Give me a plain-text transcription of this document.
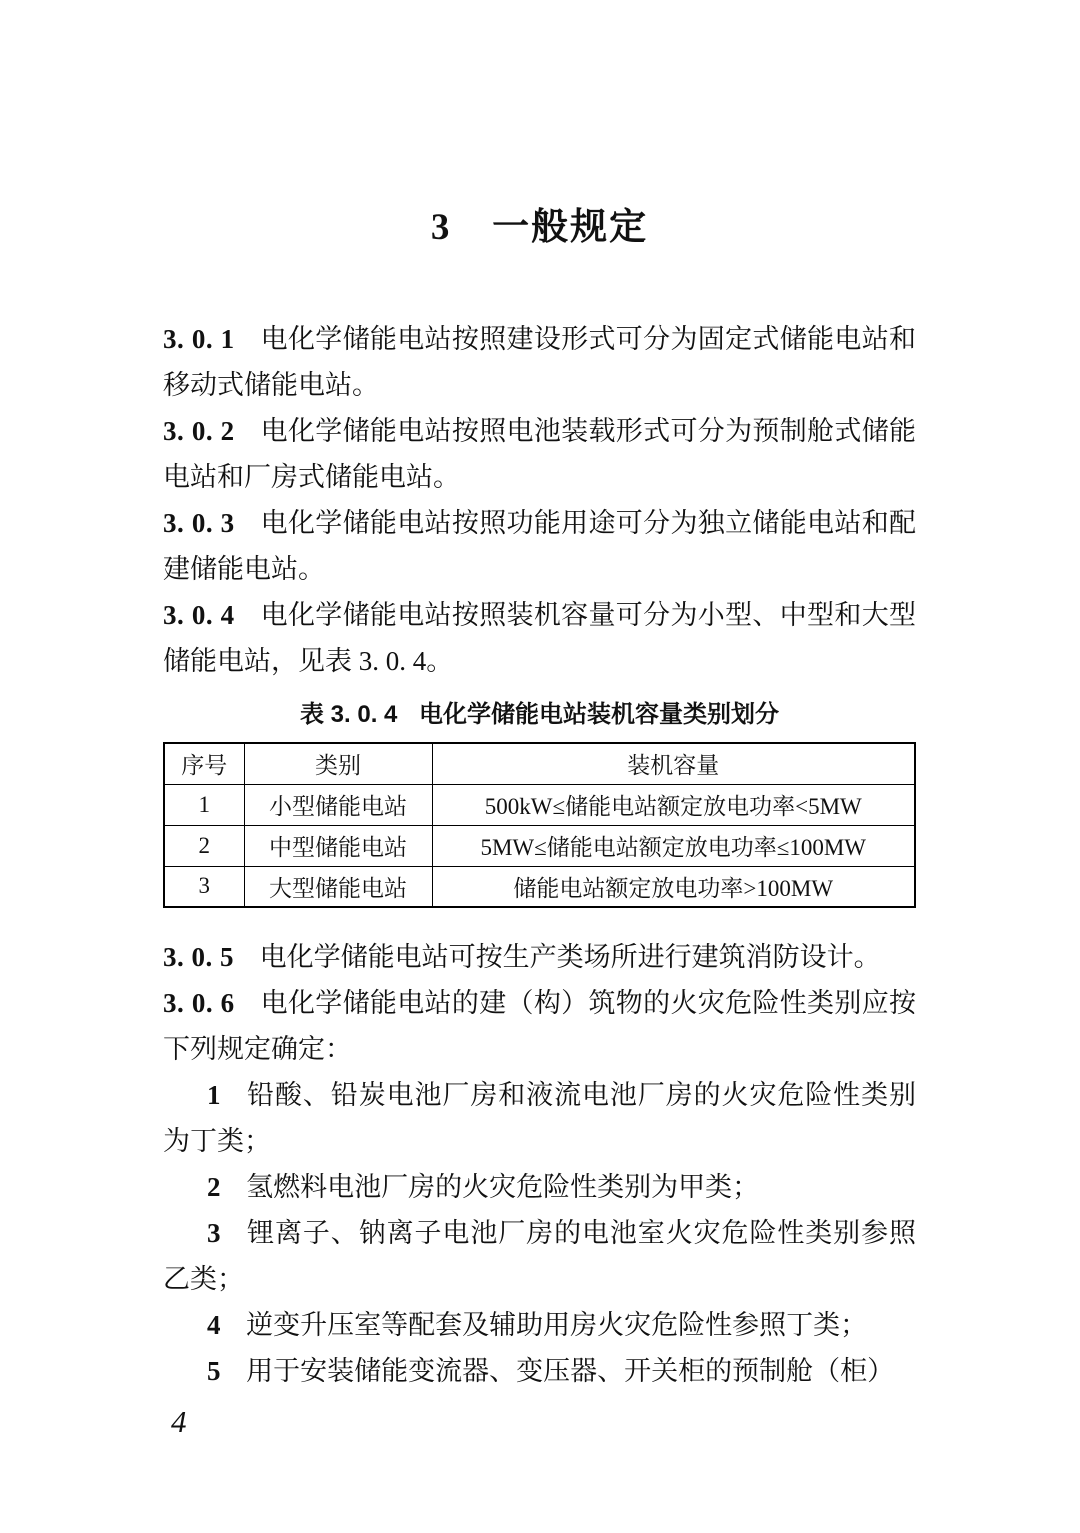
3 一般规定

3. 0. 1 电化学储能电站按照建设形式可分为固定式储能电站和移动式储能电站。

3. 0. 2 电化学储能电站按照电池装载形式可分为预制舱式储能电站和厂房式储能电站。

3. 0. 3 电化学储能电站按照功能用途可分为独立储能电站和配建储能电站。

3. 0. 4 电化学储能电站按照装机容量可分为小型、中型和大型储能电站，见表 3. 0. 4。

表 3. 0. 4 电化学储能电站装机容量类别划分

序号	类别	装机容量
1	小型储能电站	500kW≤储能电站额定放电功率<5MW
2	中型储能电站	5MW≤储能电站额定放电功率≤100MW
3	大型储能电站	储能电站额定放电功率>100MW

3. 0. 5 电化学储能电站可按生产类场所进行建筑消防设计。

3. 0. 6 电化学储能电站的建（构）筑物的火灾危险性类别应按下列规定确定：

1 铅酸、铅炭电池厂房和液流电池厂房的火灾危险性类别为丁类；

2 氢燃料电池厂房的火灾危险性类别为甲类；

3 锂离子、钠离子电池厂房的电池室火灾危险性类别参照乙类；

4 逆变升压室等配套及辅助用房火灾危险性参照丁类；

5 用于安装储能变流器、变压器、开关柜的预制舱（柜）

4
